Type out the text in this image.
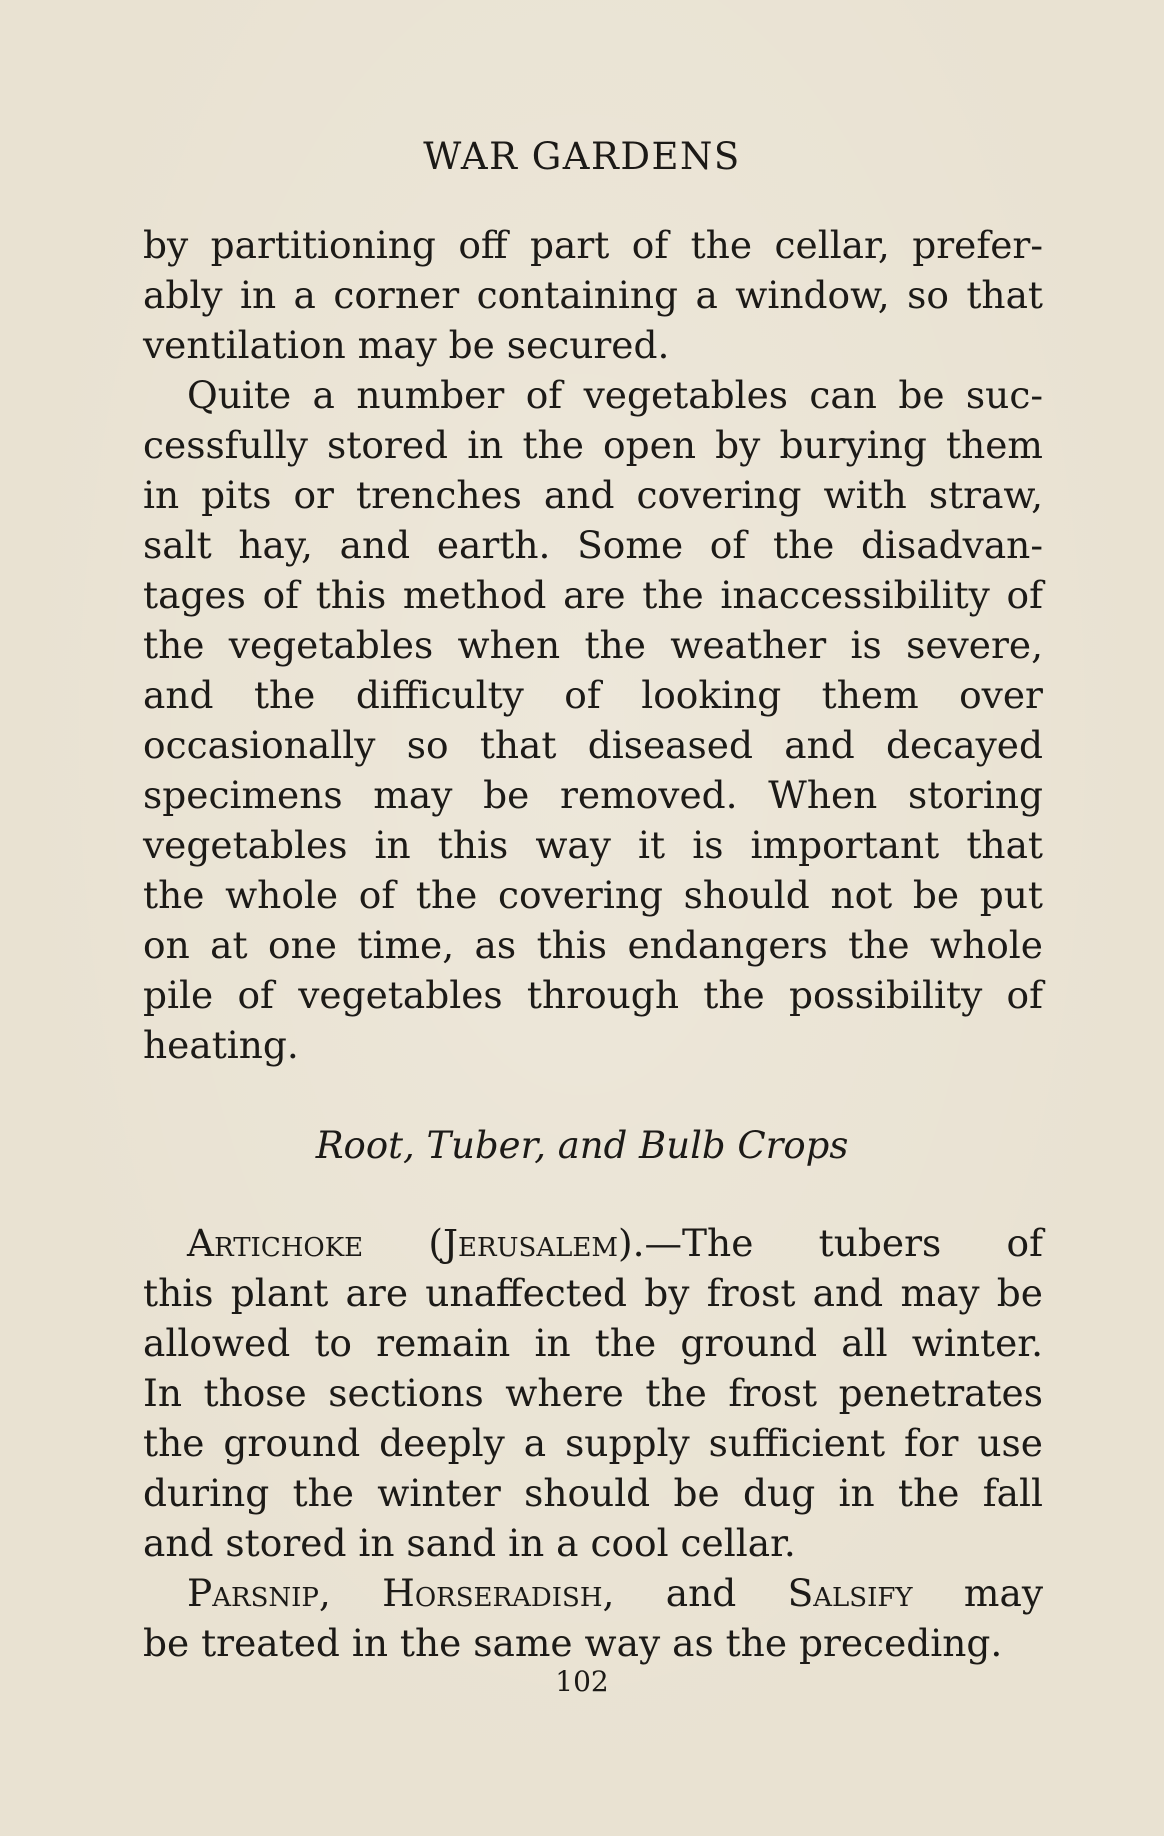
WAR GARDENS
by partitioning off part of the cellar, prefer-
ably in a corner containing a window, so that
ventilation may be secured.
Quite a number of vegetables can be suc-
cessfully stored in the open by burying them
in pits or trenches and covering with straw,
salt hay, and earth. Some of the disadvan-
tages of this method are the inaccessibility of
the vegetables when the weather is severe,
and the difficulty of looking them over
occasionally so that diseased and decayed
specimens may be removed. When storing
vegetables in this way it is important that
the whole of the covering should not be put
on at one time, as this endangers the whole
pile of vegetables through the possibility of
heating.
Root, Tuber, and Bulb Crops
Artichoke (Jerusalem).—The tubers of
this plant are unaffected by frost and may be
allowed to remain in the ground all winter.
In those sections where the frost penetrates
the ground deeply a supply sufficient for use
during the winter should be dug in the fall
and stored in sand in a cool cellar.
Parsnip, Horseradish, and Salsify may
be treated in the same way as the preceding.
102
